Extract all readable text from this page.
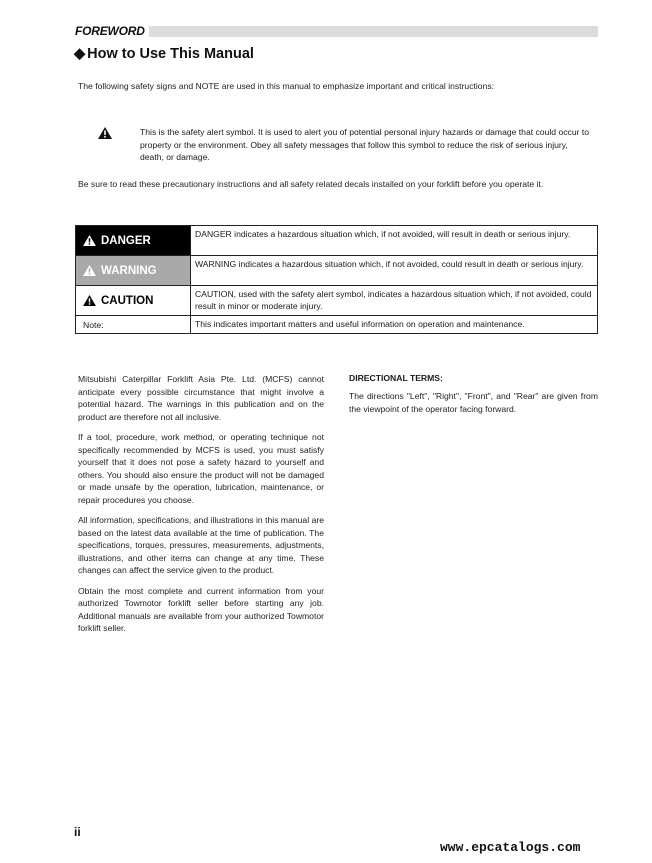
FOREWORD
◆ How to Use This Manual
The following safety signs and NOTE are used in this manual to emphasize important and critical instructions:
This is the safety alert symbol. It is used to alert you of potential personal injury hazards or damage that could occur to property or the environment. Obey all safety messages that follow this symbol to reduce the risk of serious injury, death, or damage.
Be sure to read these precautionary instructions and all safety related decals installed on your forklift before you operate it.
DANGER	DANGER indicates a hazardous situation which, if not avoided, will result in death or serious injury.

WARNING	WARNING indicates a hazardous situation which, if not avoided, could result in death or serious injury.

CAUTION	CAUTION, used with the safety alert symbol, indicates a hazardous situation which, if not avoided, could result in minor or moderate injury.
Note:	This indicates important matters and useful information on operation and maintenance.

Mitsubishi Caterpillar Forklift Asia Pte. Ltd. (MCFS) cannot anticipate every possible circumstance that might involve a potential hazard. The warnings in this publication and on the product are therefore not all inclusive.

If a tool, procedure, work method, or operating technique not specifically recommended by MCFS is used, you must satisfy yourself that it does not pose a safety hazard to yourself and others. You should also ensure the product will not be damaged or made unsafe by the operation, lubrication, maintenance, or repair procedures you choose.

All information, specifications, and illustrations in this manual are based on the latest data available at the time of publication. The specifications, torques, pressures, measurements, adjustments, illustrations, and other items can change at any time. These changes can affect the service given to the product.

Obtain the most complete and current information from your authorized Towmotor forklift seller before starting any job. Additional manuals are available from your authorized Towmotor forklift seller.

DIRECTIONAL TERMS:

The directions "Left", "Right", "Front", and "Rear" are given from the viewpoint of the operator facing forward.

ii
www.epcatalogs.com
